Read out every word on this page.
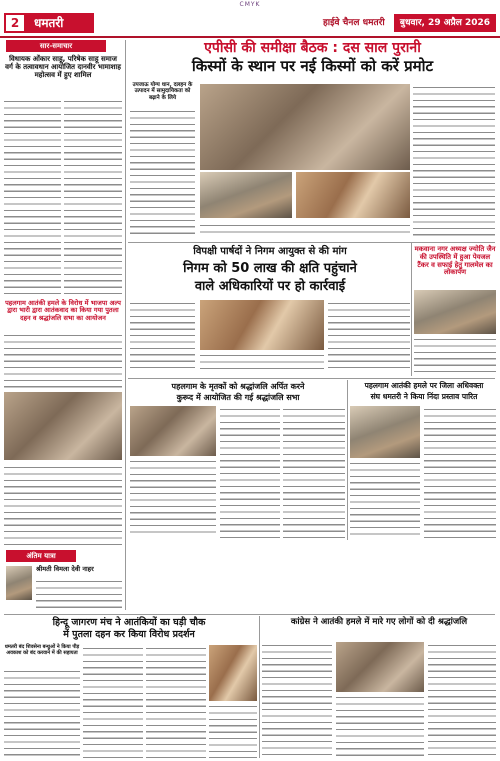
CMYK
2 धमतरी	हाईवे चैनल धमतरी बुधवार, 29 अप्रैल 2026
सार-समाचार
विधायक ओंकार साहू, परिषेक साहू समाज वर्ग के तत्वावधान आयोजित दानवीर भामाशाह महोत्सव में हुए शामिल
पहलगाम आतंकी हमले के विरोध में भाजपा अल्प द्वारा भारी द्वारा आतंकवाद का किया गया पुतला दहन व श्रद्धांजलि सभा का आयोजन
अंतिम यात्रा
श्रीमती विमला देवी नाहर
एपीसी की समीक्षा बैठक : दस साल पुरानी
किस्मों के स्थान पर नई किस्मों को करें प्रमोट
उपजाऊ योग्य धान, दलहन के उत्पादन में सामुदायिकता को बढ़ाने के लिये
विपक्षी पार्षदों ने निगम आयुक्त से की मांग
निगम को 50 लाख की क्षति पहुंचाने
वाले अधिकारियों पर हो कार्रवाई
मकवाना नगर अध्यक्ष ज्योति जैन की उपस्थिति में हुआ पेयजल टैंकर व सफाई हेतु गालमेल का लोकार्पण
पहलगाम के मृतकों को श्रद्धांजलि अर्पित करने
कुरूद में आयोजित की गई श्रद्धांजलि सभा
पहलगाम आतंकी हमले पर जिला अधिवक्ता
संघ धमतरी ने किया निंदा प्रस्ताव पारित
हिन्दू जागरण मंच ने आतंकियों का घड़ी चौक
में पुतला दहन कर किया विरोध प्रदर्शन
धमतरी बंद शिवसेना बन्धुओं ने किया पीड़ अवकाश को बंद करवाने में की सहायता
कांग्रेस ने आतंकी हमले में मारे गए लोगों को दी श्रद्धांजलि
